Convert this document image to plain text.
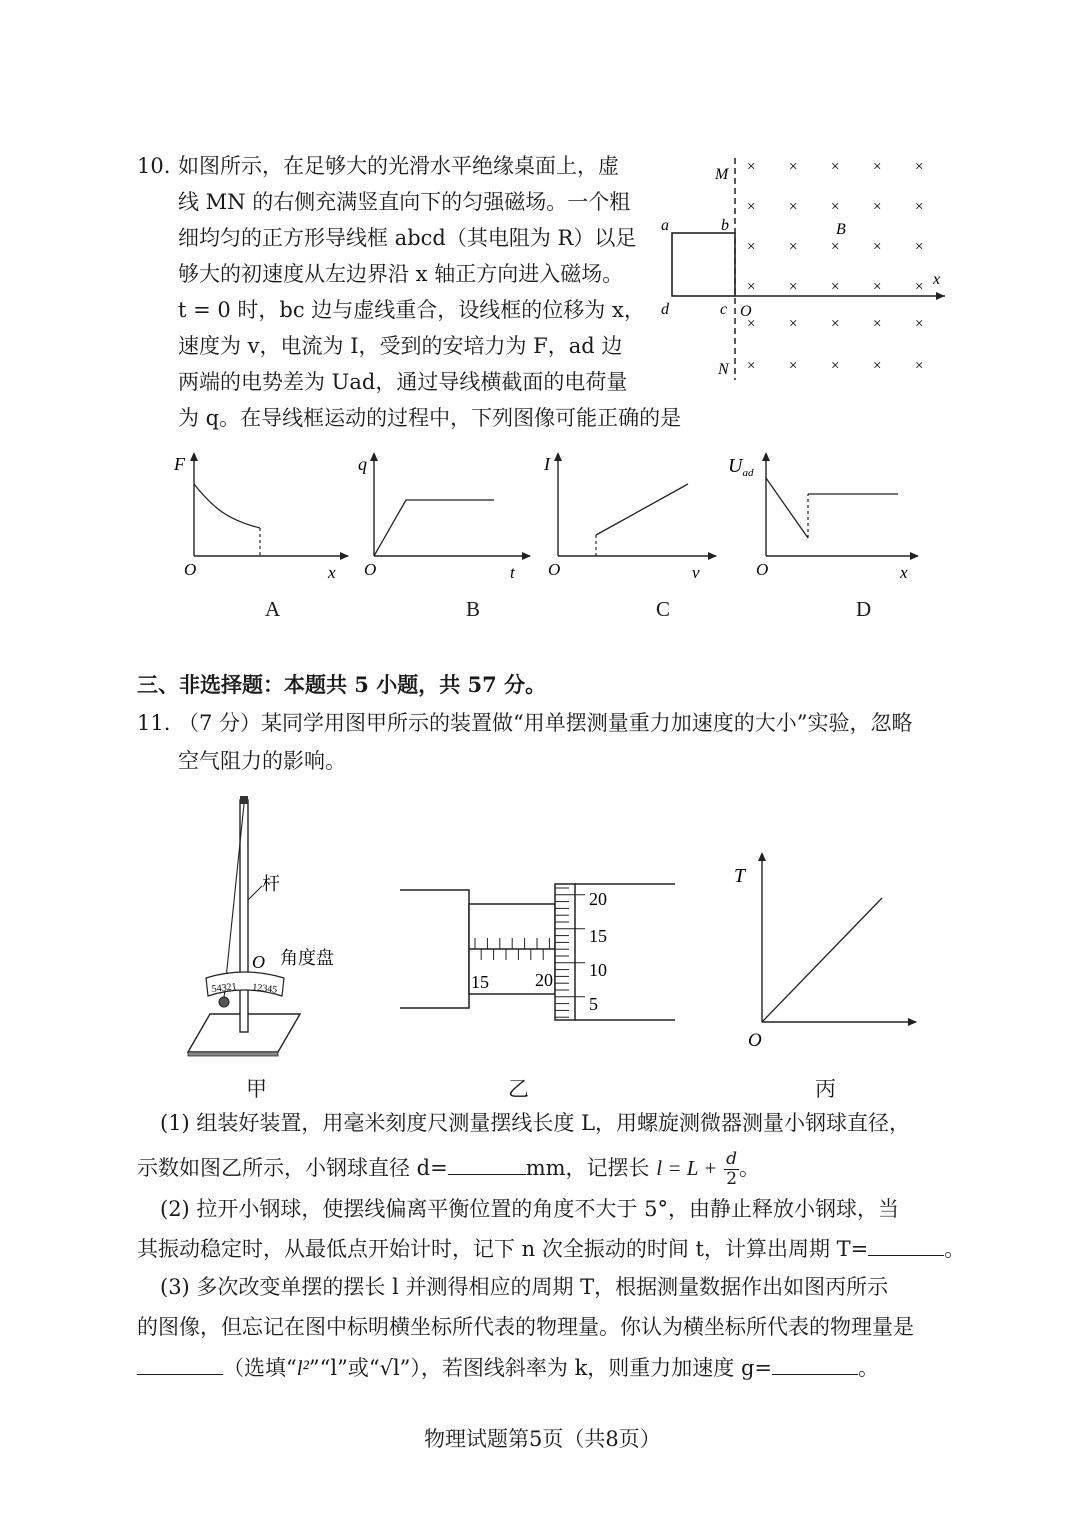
10. 如图所示，在足够大的光滑水平绝缘桌面上，虚
线 MN 的右侧充满竖直向下的匀强磁场。一个粗
细均匀的正方形导线框 abcd（其电阻为 R）以足
够大的初速度从左边界沿 x 轴正方向进入磁场。
t = 0 时，bc 边与虚线重合，设线框的位移为 x，
速度为 v，电流为 I，受到的安培力为 F，ad 边
两端的电势差为 Uad，通过导线横截面的电荷量
为 q。在导线框运动的过程中，下列图像可能正确的是
M
N
a	b
d	c O
B
x
× × × × ×
× × × × ×
× × × × ×
× × × × ×
× × × × ×
× × × × ×
F
O	x
A
q
O	t
B
I
O	v
C
$U_{ad}$
O	x
D
三、非选择题：本题共 5 小题，共 57 分。
11. （7 分）某同学用图甲所示的装置做“用单摆测量重力加速度的大小”实验，忽略
空气阻力的影响。
54321 12345
杆
O 角度盘
15	20
20
15
10
5
T
O
甲	乙	丙
(1) 组装好装置，用毫米刻度尺测量摆线长度 L，用螺旋测微器测量小钢球直径，
示数如图乙所示，小钢球直径 d=	mm，记摆长 $l = L + \frac{d}{2}$ 。
(2) 拉开小钢球，使摆线偏离平衡位置的角度不大于 5°，由静止释放小钢球，当
其振动稳定时，从最低点开始计时，记下 n 次全振动的时间 t，计算出周期 T=	。
(3) 多次改变单摆的摆长 l 并测得相应的周期 T，根据测量数据作出如图丙所示
的图像，但忘记在图中标明横坐标所代表的物理量。你认为横坐标所代表的物理量是
（选填“l²”“l”或“√l”），若图线斜率为 k，则重力加速度 g=	。
物理试题第5页（共8页）
